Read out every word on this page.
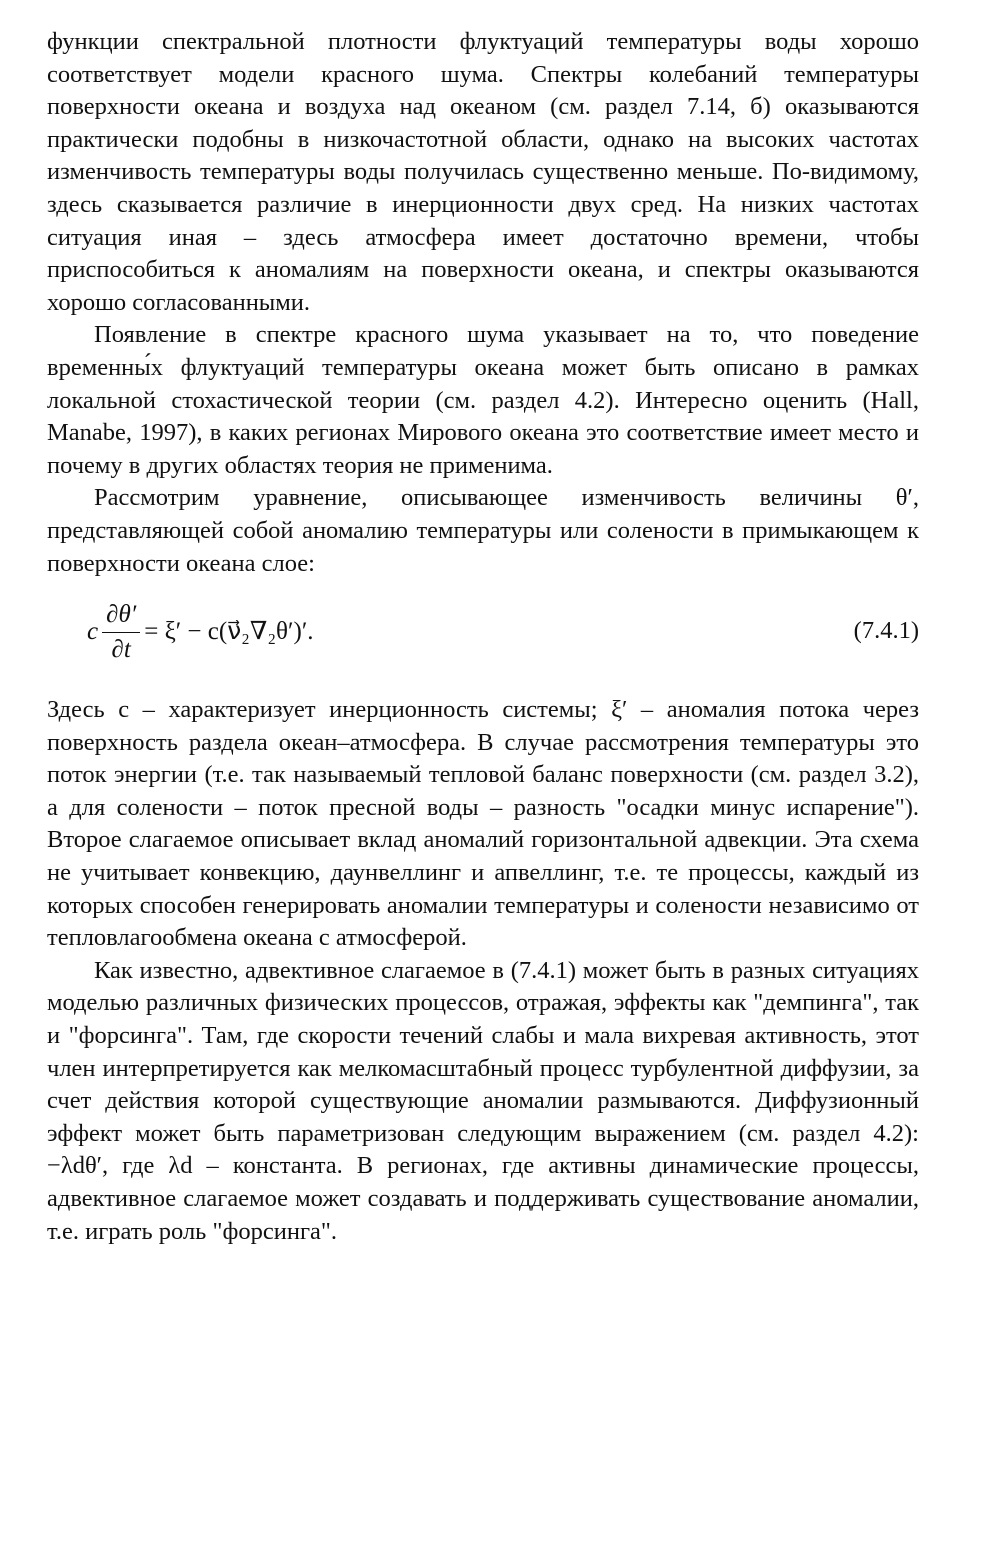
функции спектральной плотности флуктуаций температуры воды хорошо соответствует модели красного шума. Спектры колебаний температуры поверхности океана и воздуха над океаном (см. раздел 7.14, б) оказываются практически подобны в низкочастотной области, однако на высоких частотах изменчивость температуры воды получилась существенно меньше. По-видимому, здесь сказывается различие в инерционности двух сред. На низких частотах ситуация иная – здесь атмосфера имеет достаточно времени, чтобы приспособиться к аномалиям на поверхности океана, и спектры оказываются хорошо согласованными.

Появление в спектре красного шума указывает на то, что поведение временны́х флуктуаций температуры океана может быть описано в рамках локальной стохастической теории (см. раздел 4.2). Интересно оценить (Hall, Manabe, 1997), в каких регионах Мирового океана это соответствие имеет место и почему в других областях теория не применима.

Рассмотрим уравнение, описывающее изменчивость величины θ′, представляющей собой аномалию температуры или солености в примыкающем к поверхности океана слое:

c $\frac{\partial\theta'}{\partial t} = \xi'$ − c(ν⃗₂∇₂θ′)′.	(7.4.1)

Здесь c – характеризует инерционность системы; ξ′ – аномалия потока через поверхность раздела океан–атмосфера. В случае рассмотрения температуры это поток энергии (т.е. так называемый тепловой баланс поверхности (см. раздел 3.2), а для солености – поток пресной воды – разность "осадки минус испарение"). Второе слагаемое описывает вклад аномалий горизонтальной адвекции. Эта схема не учитывает конвекцию, даунвеллинг и апвеллинг, т.е. те процессы, каждый из которых способен генерировать аномалии температуры и солености независимо от тепловлагообмена океана с атмосферой.

Как известно, адвективное слагаемое в (7.4.1) может быть в разных ситуациях моделью различных физических процессов, отражая, эффекты как "демпинга", так и "форсинга". Там, где скорости течений слабы и мала вихревая активность, этот член интерпретируется как мелкомасштабный процесс турбулентной диффузии, за счет действия которой существующие аномалии размываются. Диффузионный эффект может быть параметризован следующим выражением (см. раздел 4.2): −λdθ′, где λd – константа. В регионах, где активны динамические процессы, адвективное слагаемое может создавать и поддерживать существование аномалии, т.е. играть роль "форсинга".
